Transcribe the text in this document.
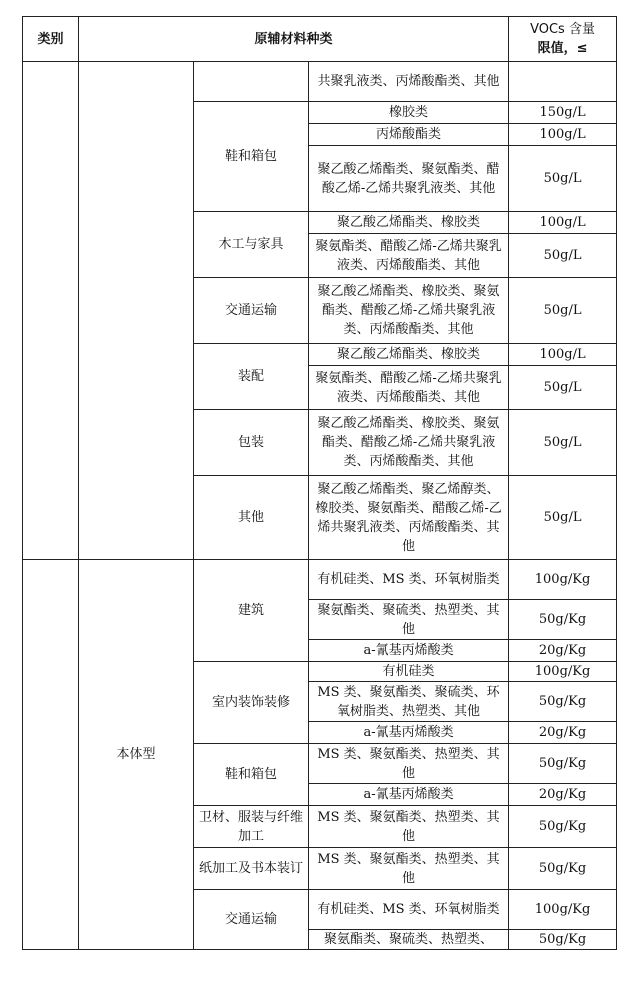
类别	原辅材料种类			VOCs 含量
限值，≤

			共聚乳液类、丙烯酸酯类、其他	
		鞋和箱包	橡胶类	150g/L
			丙烯酸酯类	100g/L
			聚乙酸乙烯酯类、聚氨酯类、醋酸乙烯-乙烯共聚乳液类、其他	50g/L
		木工与家具	聚乙酸乙烯酯类、橡胶类	100g/L
			聚氨酯类、醋酸乙烯-乙烯共聚乳液类、丙烯酸酯类、其他	50g/L
		交通运输	聚乙酸乙烯酯类、橡胶类、聚氨酯类、醋酸乙烯-乙烯共聚乳液类、丙烯酸酯类、其他	50g/L
		装配	聚乙酸乙烯酯类、橡胶类	100g/L
			聚氨酯类、醋酸乙烯-乙烯共聚乳液类、丙烯酸酯类、其他	50g/L
		包装	聚乙酸乙烯酯类、橡胶类、聚氨酯类、醋酸乙烯-乙烯共聚乳液类、丙烯酸酯类、其他	50g/L
		其他	聚乙酸乙烯酯类、聚乙烯醇类、橡胶类、聚氨酯类、醋酸乙烯-乙烯共聚乳液类、丙烯酸酯类、其他	50g/L
	本体型	建筑	有机硅类、MS 类、环氧树脂类	100g/Kg
			聚氨酯类、聚硫类、热塑类、其他	50g/Kg
			a-氰基丙烯酸类	20g/Kg
		室内装饰装修	有机硅类	100g/Kg
			MS 类、聚氨酯类、聚硫类、环氧树脂类、热塑类、其他	50g/Kg
			a-氰基丙烯酸类	20g/Kg
		鞋和箱包	MS 类、聚氨酯类、热塑类、其他	50g/Kg
			a-氰基丙烯酸类	20g/Kg
		卫材、服装与纤维加工	MS 类、聚氨酯类、热塑类、其他	50g/Kg
		纸加工及书本装订	MS 类、聚氨酯类、热塑类、其他	50g/Kg
		交通运输	有机硅类、MS 类、环氧树脂类	100g/Kg
			聚氨酯类、聚硫类、热塑类、	50g/Kg
